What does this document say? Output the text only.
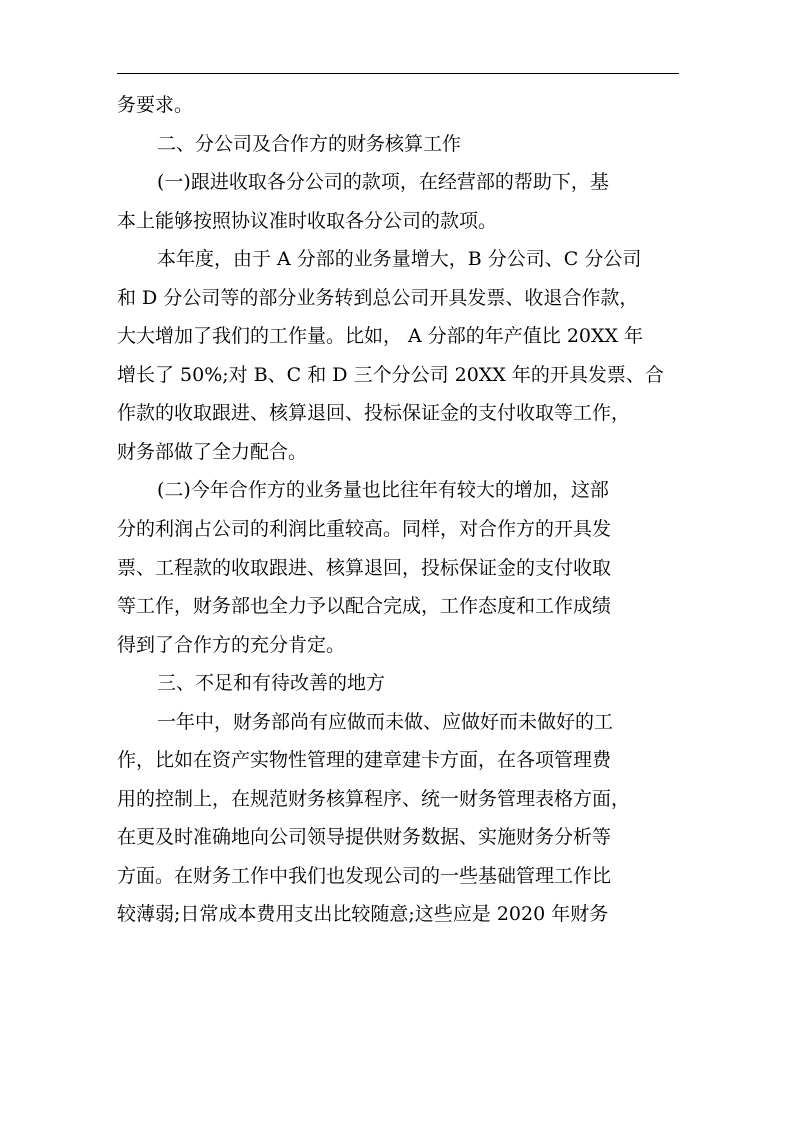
务要求。
二、分公司及合作方的财务核算工作
(一)跟进收取各分公司的款项，在经营部的帮助下，基
本上能够按照协议准时收取各分公司的款项。
本年度，由于 A 分部的业务量增大，B 分公司、C 分公司
和 D 分公司等的部分业务转到总公司开具发票、收退合作款，
大大增加了我们的工作量。比如， A 分部的年产值比 20XX 年
增长了 50%;对 B、C 和 D 三个分公司 20XX 年的开具发票、合
作款的收取跟进、核算退回、投标保证金的支付收取等工作，
财务部做了全力配合。
(二)今年合作方的业务量也比往年有较大的增加，这部
分的利润占公司的利润比重较高。同样，对合作方的开具发
票、工程款的收取跟进、核算退回，投标保证金的支付收取
等工作，财务部也全力予以配合完成，工作态度和工作成绩
得到了合作方的充分肯定。
三、不足和有待改善的地方
一年中，财务部尚有应做而未做、应做好而未做好的工
作，比如在资产实物性管理的建章建卡方面，在各项管理费
用的控制上，在规范财务核算程序、统一财务管理表格方面，
在更及时准确地向公司领导提供财务数据、实施财务分析等
方面。在财务工作中我们也发现公司的一些基础管理工作比
较薄弱;日常成本费用支出比较随意;这些应是 2020 年财务
